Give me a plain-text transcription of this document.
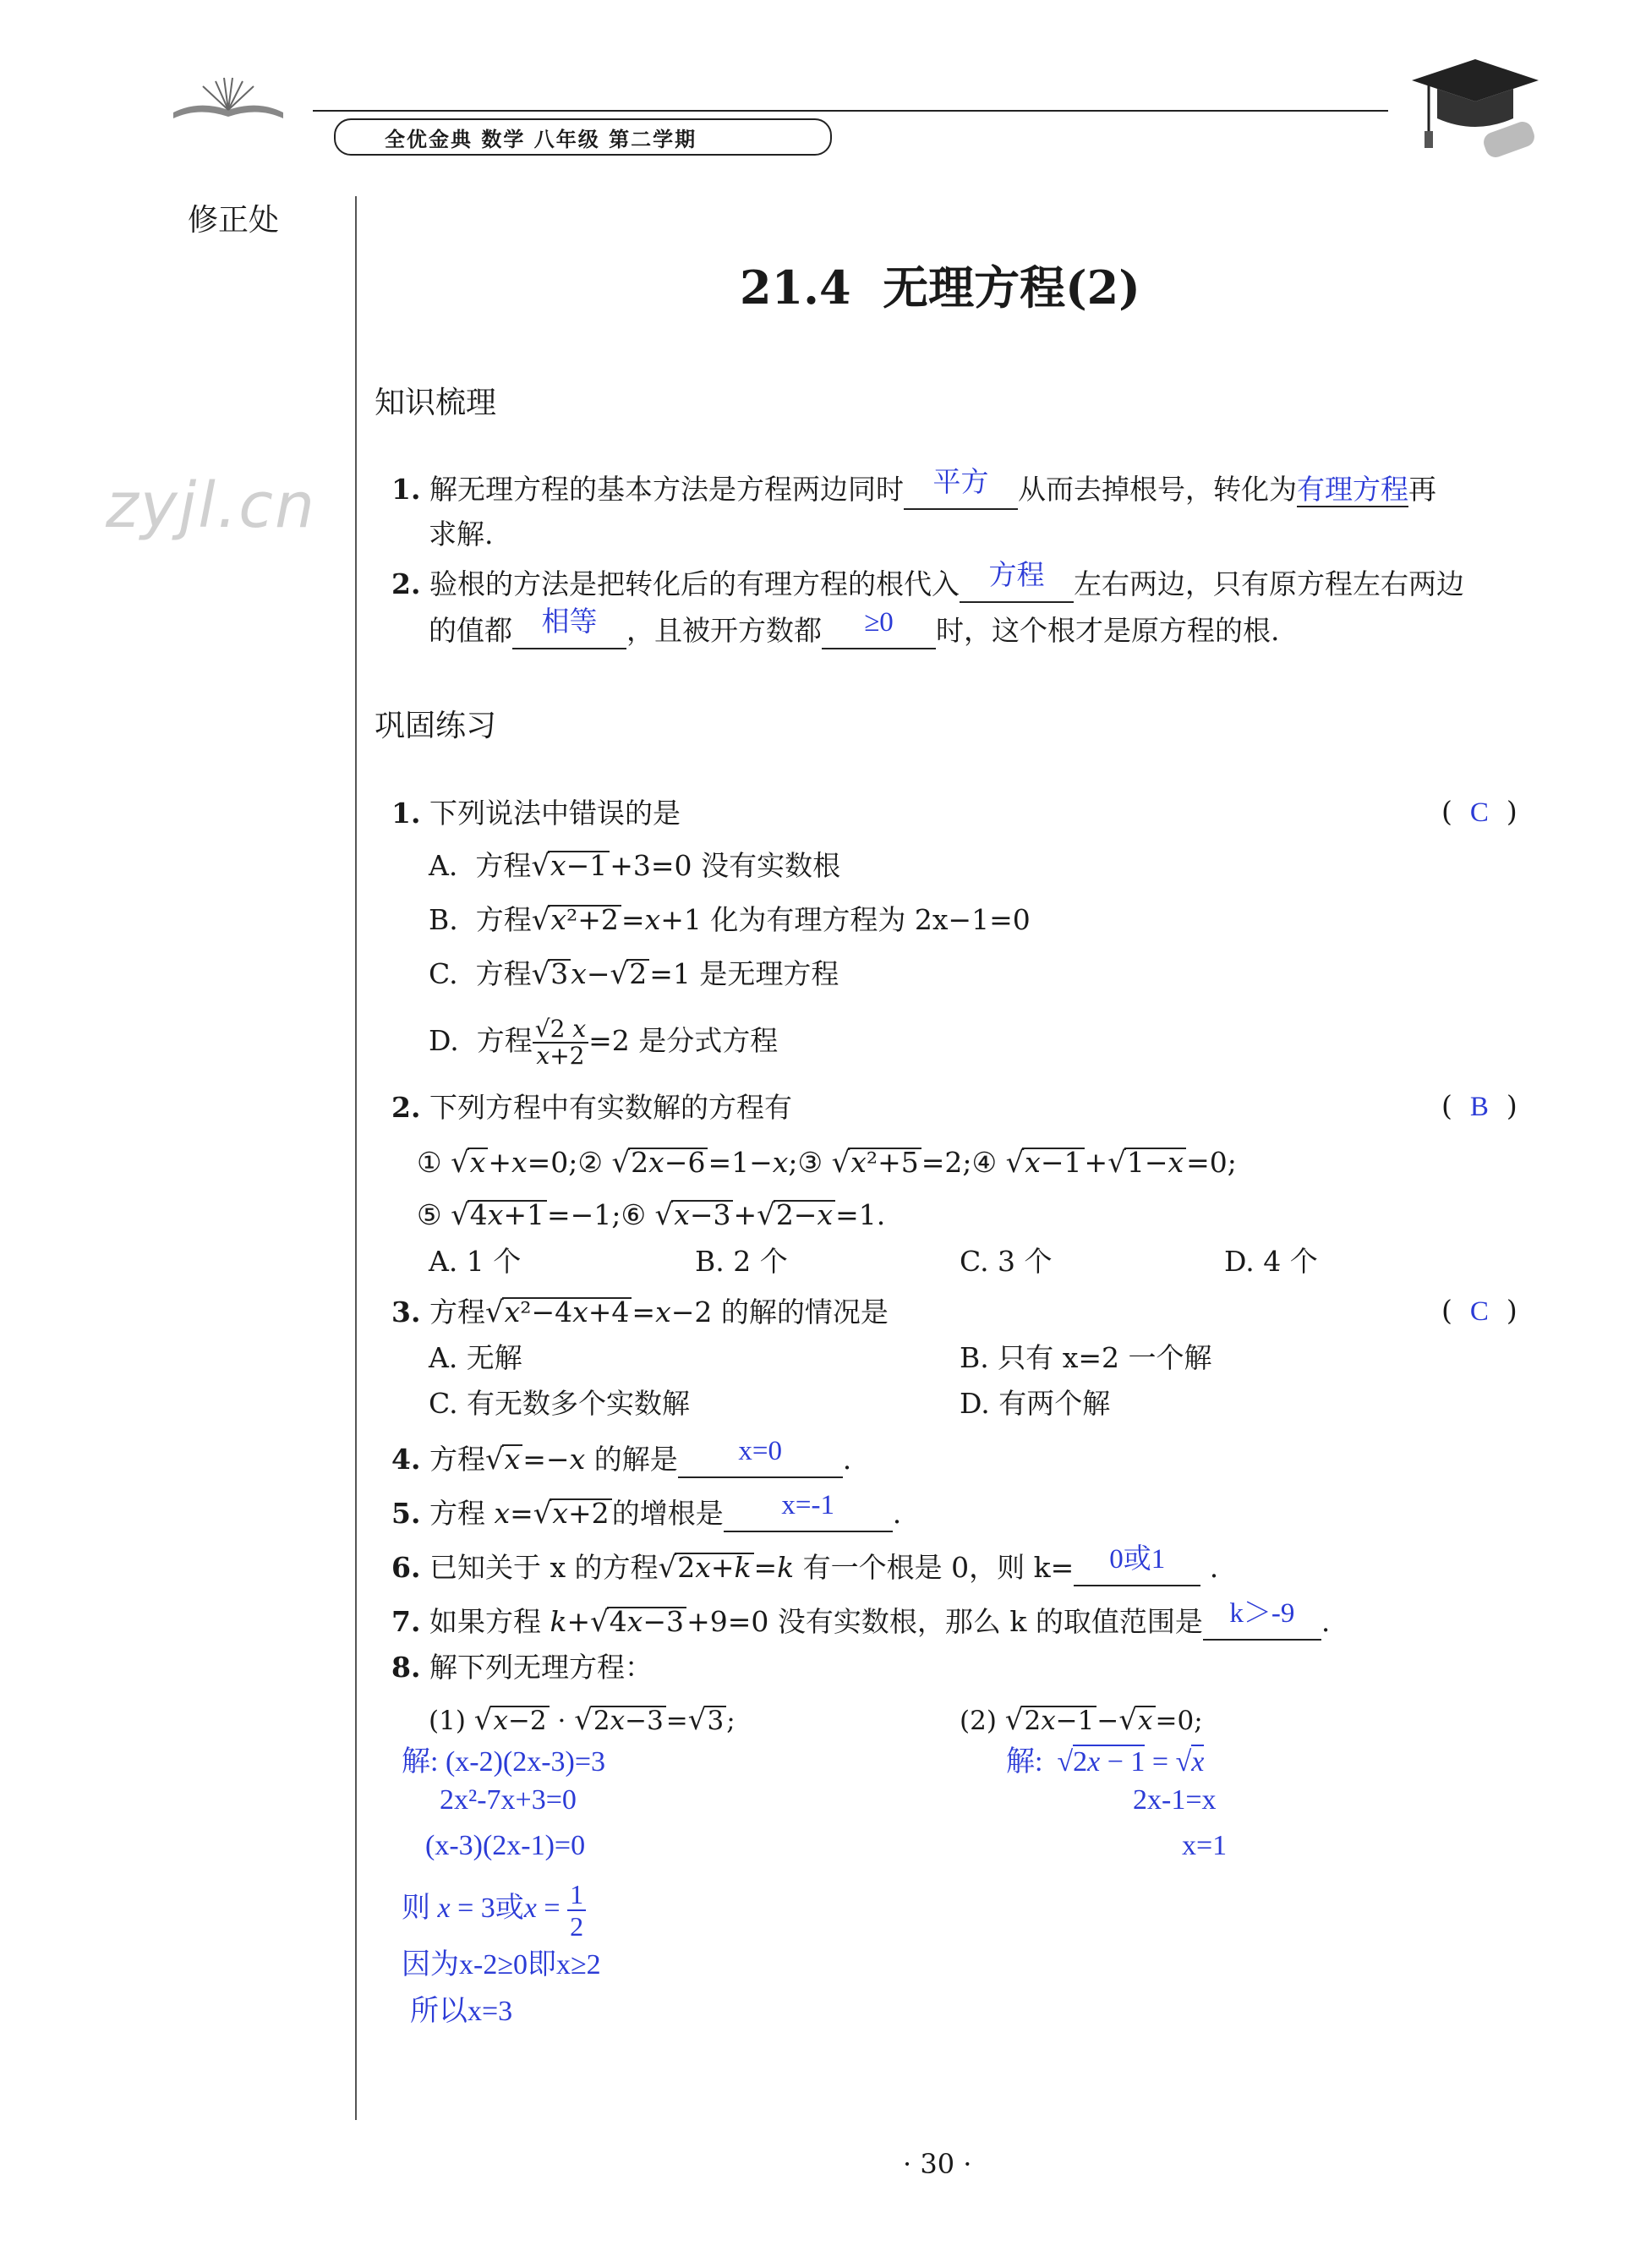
全优金典 数学 八年级 第二学期
修正处
zyjl.cn
21.4  无理方程(2)
知识梳理
1. 解无理方程的基本方法是方程两边同时	平方	从而去掉根号，转化为有理方程再
求解.
2. 验根的方法是把转化后的有理方程的根代入	方程	左右两边，只有原方程左右两边
的值都	相等	，且被开方数都	≥0	时，这个根才是原方程的根.
巩固练习
1. 下列说法中错误的是	(  C  )
A. 方程√x−1+3=0 没有实数根
B. 方程√x²+2=x+1 化为有理方程为 2x−1=0
C. 方程√3x−√2=1 是无理方程
D. 方程 $\frac{√2 x}{x+2} =2$ 是分式方程
2. 下列方程中有实数解的方程有	(  B  )
① √x+x=0;② √2x−6=1−x;③ √x²+5=2;④ √x−1+√1−x=0;
⑤ √4x+1=−1;⑥ √x−3+√2−x=1.
A. 1 个	B. 2 个	C. 3 个	D. 4 个
3. 方程√x²−4x+4=x−2 的解的情况是	(  C  )
A. 无解	B. 只有 x=2 一个解
C. 有无数多个实数解	D. 有两个解
4. 方程√x=−x 的解是	x=0	.
5. 方程 x=√x+2的增根是	x=-1	.
6. 已知关于 x 的方程√2x+k=k 有一个根是 0，则 k=	0或1	.
7. 如果方程 k+√4x−3+9=0 没有实数根，那么 k 的取值范围是 k＞-9 .
8. 解下列无理方程：
(1) √x−2 · √2x−3=√3;	(2) √2x−1−√x=0;
解: (x-2)(2x-3)=3
2x²-7x+3=0
(x-3)(2x-1)=0
则 x = 3或$x = \frac{1}{2}$
因为x-2≥0即x≥2
所以x=3
解:  √2x − 1 = √x
2x-1=x
x=1
· 30 ·
